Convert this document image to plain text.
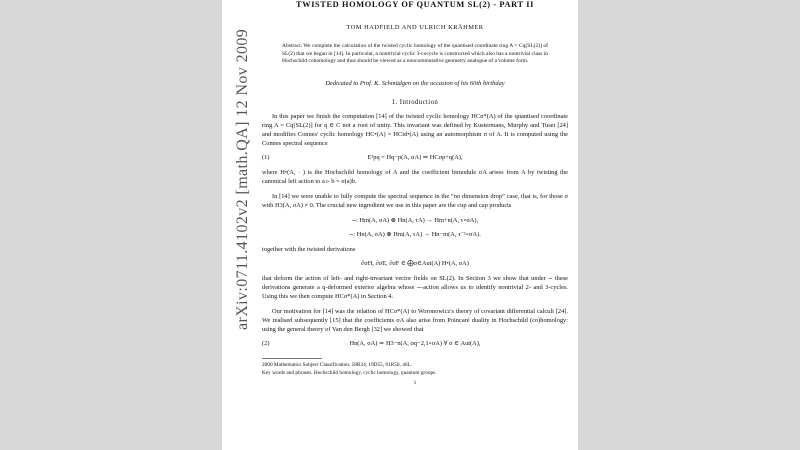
TWISTED HOMOLOGY OF QUANTUM SL(2) - PART II
TOM HADFIELD AND ULRICH KRÄHMER
Abstract. We complete the calculation of the twisted cyclic homology of the quantised coordinate ring A = Cq[SL(2)] of SL(2) that we began in [14]. In particular, a nontrivial cyclic 3-cocycle is constructed which also has a nontrivial class in Hochschild cohomology and thus should be viewed as a noncommutative geometry analogue of a volume form.
Dedicated to Prof. K. Schmüdgen on the occasion of his 60th birthday
1. Introduction
In this paper we finish the computation [14] of the twisted cyclic homology HCσ*(A) of the quantised coordinate ring A = Cq[SL(2)] for q ∈ C not a root of unity. This invariant was defined by Kustermans, Murphy and Tuset [24] and modifies Connes' cyclic homology HC•(A) = HCid•(A) using an automorphism σ of A. It is computed using the Connes spectral sequence
(1)	E¹pq = Hq−p(A, σA) ⇒ HCσp+q(A),
where H•(A, · ) is the Hochschild homology of A and the coefficient bimodule σA arises from A by twisting the canonical left action to a ▹ b = σ(a)b.
In [14] we were unable to fully compute the spectral sequence in the “no dimension drop” case, that is, for those σ with H3(A, σA) ≠ 0. The crucial new ingredient we use in this paper are the cup and cap products
⌣: Hm(A, σA) ⊗ Hn(A, τA) → Hm+n(A, τ∘σA),
⌢: Hn(A, σA) ⊗ Hm(A, τA) → Hn−m(A, τ⁻¹∘σA).
together with the twisted derivations
∂σH, ∂σE, ∂σF ∈ ⨁σ∈Aut(A) H•(A, σA)
that deform the action of left- and right-invariant vector fields on SL(2). In Section 3 we show that under ⌣ these derivations generate a q-deformed exterior algebra whose ⌢-action allows us to identify nontrivial 2- and 3-cycles. Using this we then compute HCσ*(A) in Section 4.
Our motivation for [14] was the relation of HCσ*(A) to Woronowicz's theory of covariant differential calculi [24]. We realised subsequently [15] that the coefficients σA also arise from Poincaré duality in Hochschild (co)homology: using the general theory of Van den Bergh [32] we showed that
(2)	Hn(A, σA) ≃ H3−n(A, σq−2,1∘σA) ∀ σ ∈ Aut(A),
2000 Mathematics Subject Classification. 58B34, 19D55, 81R50, 46L.
Key words and phrases. Hochschild homology, cyclic homology, quantum groups.
1
arXiv:0711.4102v2 [math.QA] 12 Nov 2009
